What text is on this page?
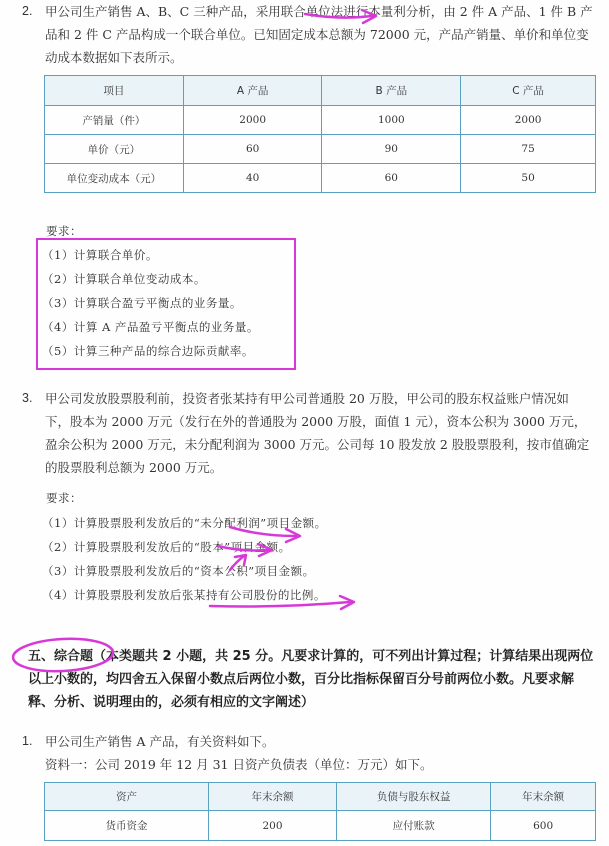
2. 甲公司生产销售 A、B、C 三种产品，采用联合单位法进行本量利分析，由 2 件 A 产品、1 件 B 产品和 2 件 C 产品构成一个联合单位。已知固定成本总额为 72000 元，产品产销量、单价和单位变动成本数据如下表所示。
项目	A 产品	B 产品	C 产品
产销量（件）	2000	1000	2000
单价（元）	60	90	75
单位变动成本（元）	40	60	50
要求：
（1）计算联合单价。
（2）计算联合单位变动成本。
（3）计算联合盈亏平衡点的业务量。
（4）计算 A 产品盈亏平衡点的业务量。
（5）计算三种产品的综合边际贡献率。
3. 甲公司发放股票股利前，投资者张某持有甲公司普通股 20 万股，甲公司的股东权益账户情况如下，股本为 2000 万元（发行在外的普通股为 2000 万股，面值 1 元），资本公积为 3000 万元，盈余公积为 2000 万元，未分配利润为 3000 万元。公司每 10 股发放 2 股股票股利，按市值确定的股票股利总额为 2000 万元。
要求：
（1）计算股票股利发放后的“未分配利润”项目金额。
（2）计算股票股利发放后的“股本”项目金额。
（3）计算股票股利发放后的“资本公积”项目金额。
（4）计算股票股利发放后张某持有公司股份的比例。
五、综合题（本类题共 2 小题，共 25 分。凡要求计算的，可不列出计算过程；计算结果出现两位以上小数的，均四舍五入保留小数点后两位小数，百分比指标保留百分号前两位小数。凡要求解释、分析、说明理由的，必须有相应的文字阐述）
1. 甲公司生产销售 A 产品，有关资料如下。
资料一：公司 2019 年 12 月 31 日资产负债表（单位：万元）如下。
资产	年末余额	负债与股东权益	年末余额
货币资金	200	应付账款	600
